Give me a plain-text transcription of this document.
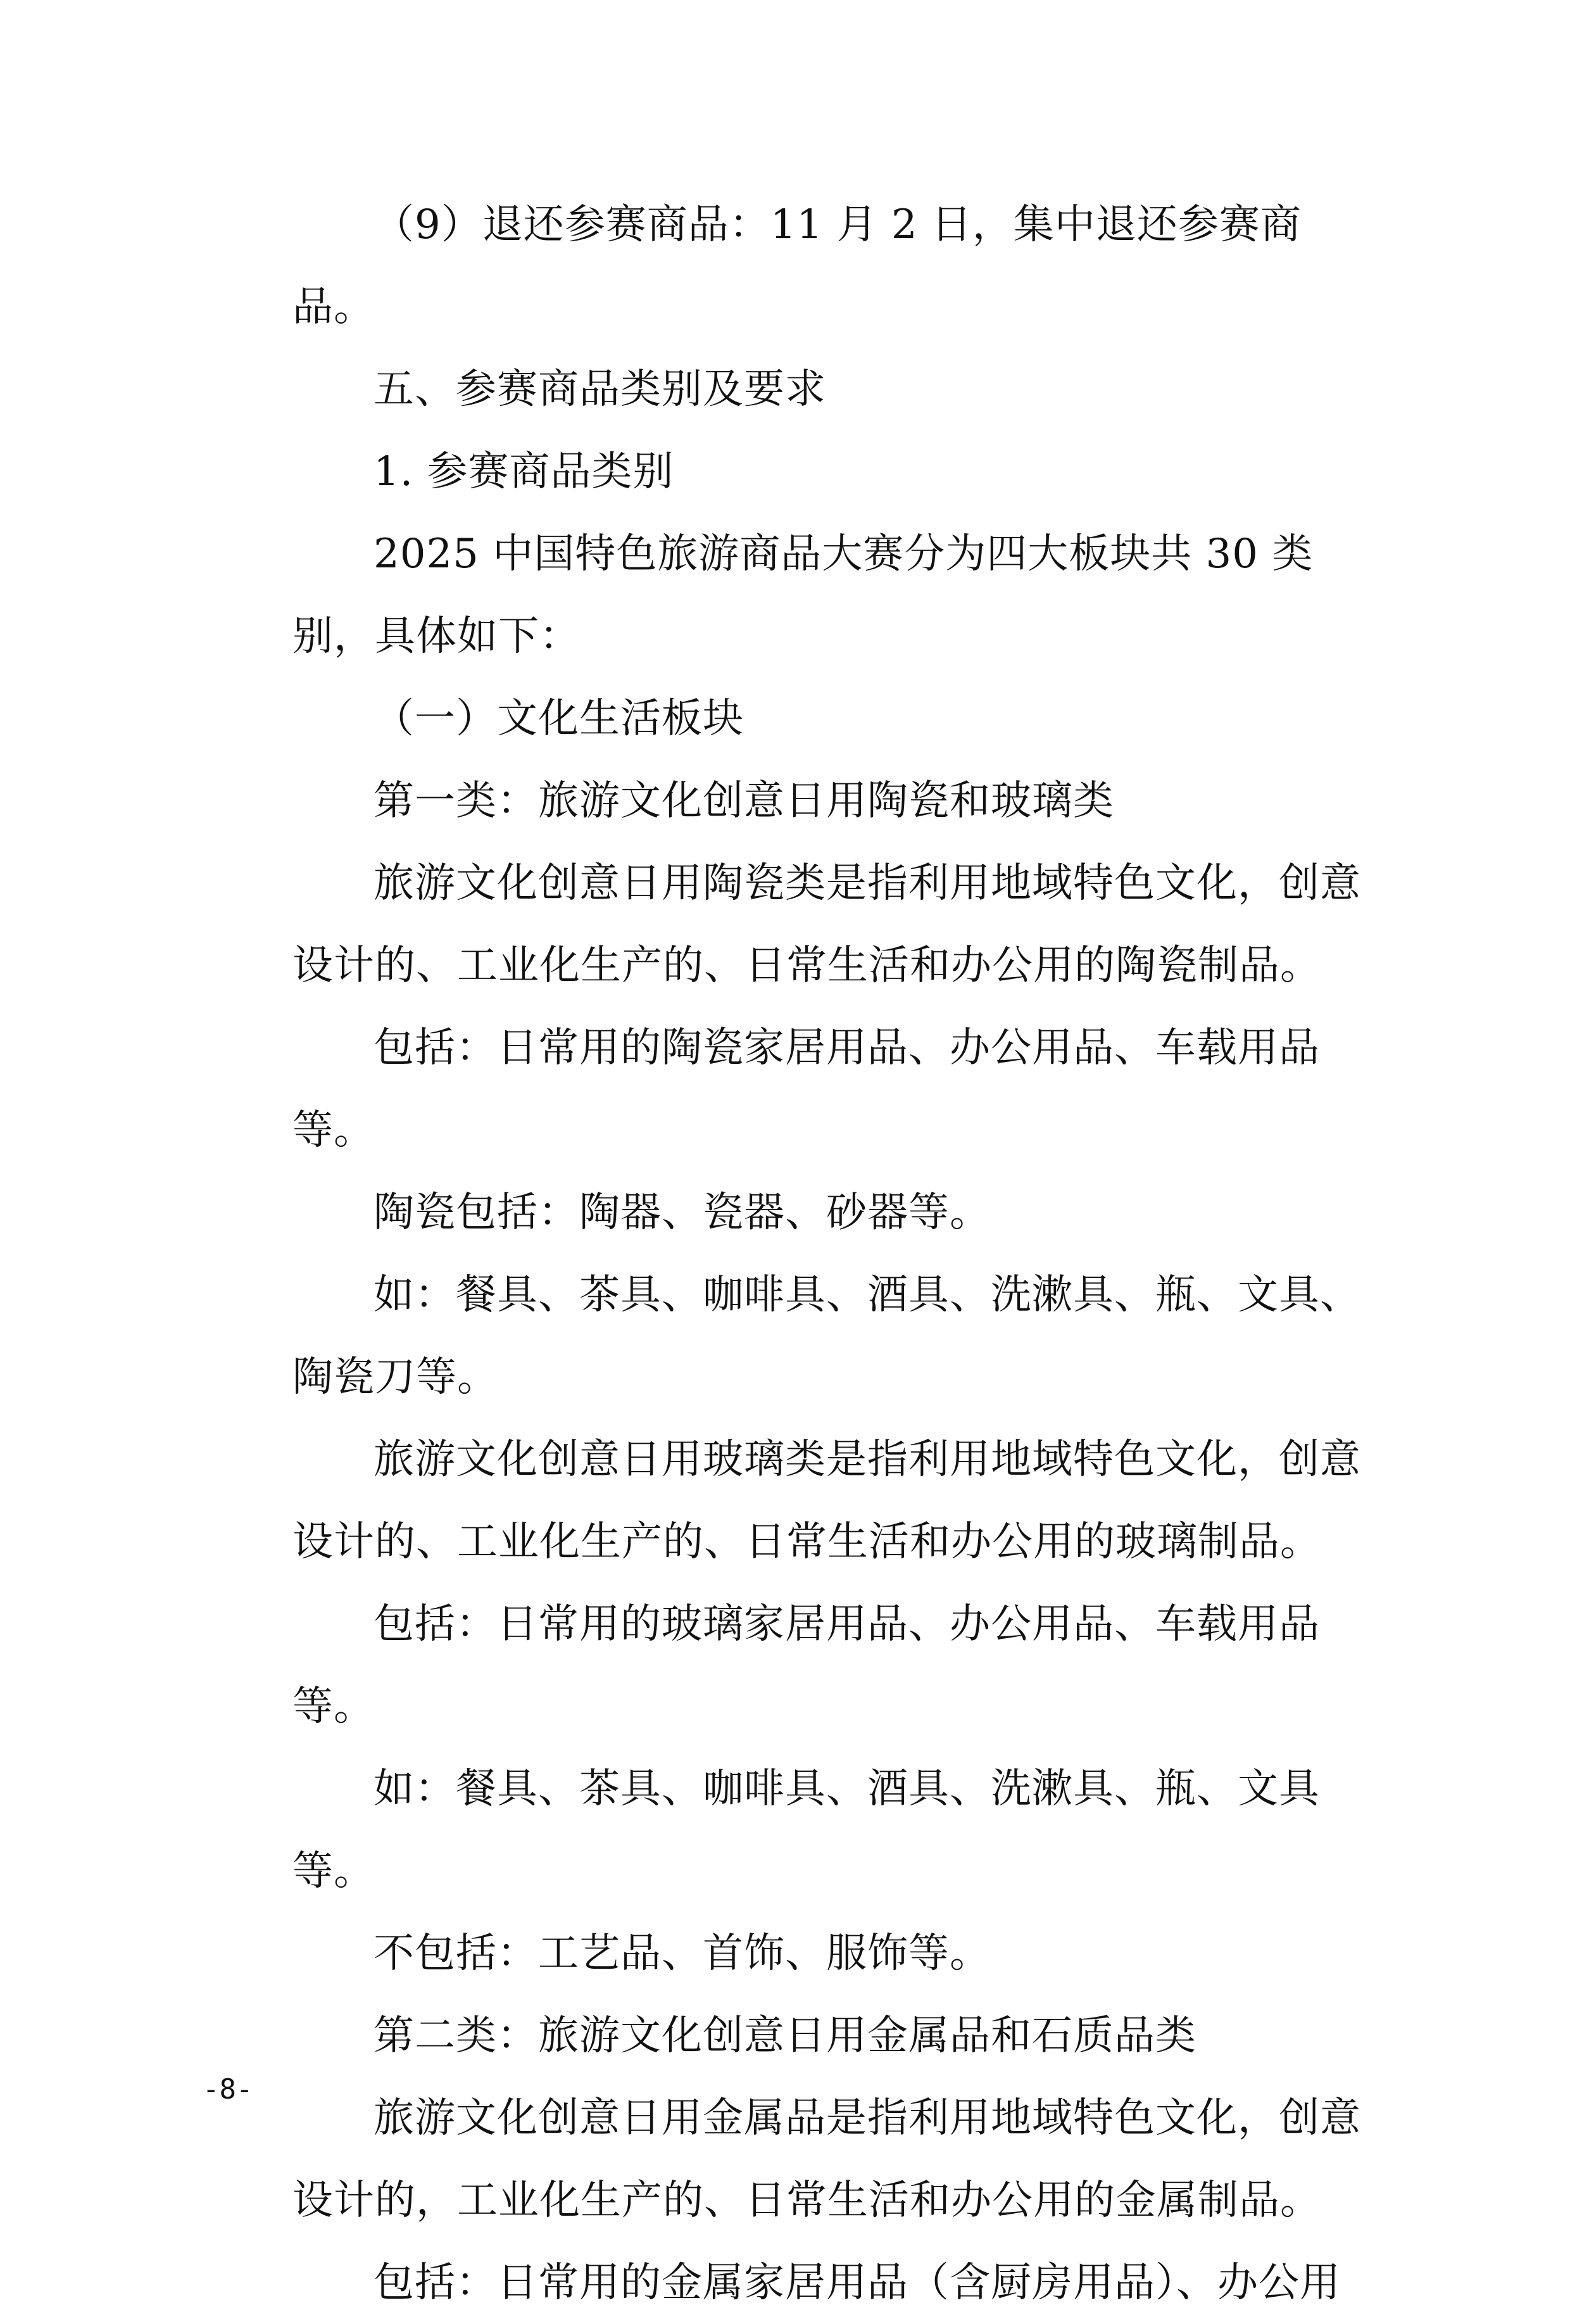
（9）退还参赛商品：11 月 2 日，集中退还参赛商品。

五、参赛商品类别及要求

1. 参赛商品类别

2025 中国特色旅游商品大赛分为四大板块共 30 类别，具体如下：

（一）文化生活板块

第一类：旅游文化创意日用陶瓷和玻璃类

旅游文化创意日用陶瓷类是指利用地域特色文化，创意设计的、工业化生产的、日常生活和办公用的陶瓷制品。

包括：日常用的陶瓷家居用品、办公用品、车载用品等。

陶瓷包括：陶器、瓷器、砂器等。

如：餐具、茶具、咖啡具、酒具、洗漱具、瓶、文具、陶瓷刀等。

旅游文化创意日用玻璃类是指利用地域特色文化，创意设计的、工业化生产的、日常生活和办公用的玻璃制品。

包括：日常用的玻璃家居用品、办公用品、车载用品等。

如：餐具、茶具、咖啡具、酒具、洗漱具、瓶、文具等。

不包括：工艺品、首饰、服饰等。

第二类：旅游文化创意日用金属品和石质品类

旅游文化创意日用金属品是指利用地域特色文化，创意设计的，工业化生产的、日常生活和办公用的金属制品。

包括：日常用的金属家居用品（含厨房用品）、办公用

-8-
